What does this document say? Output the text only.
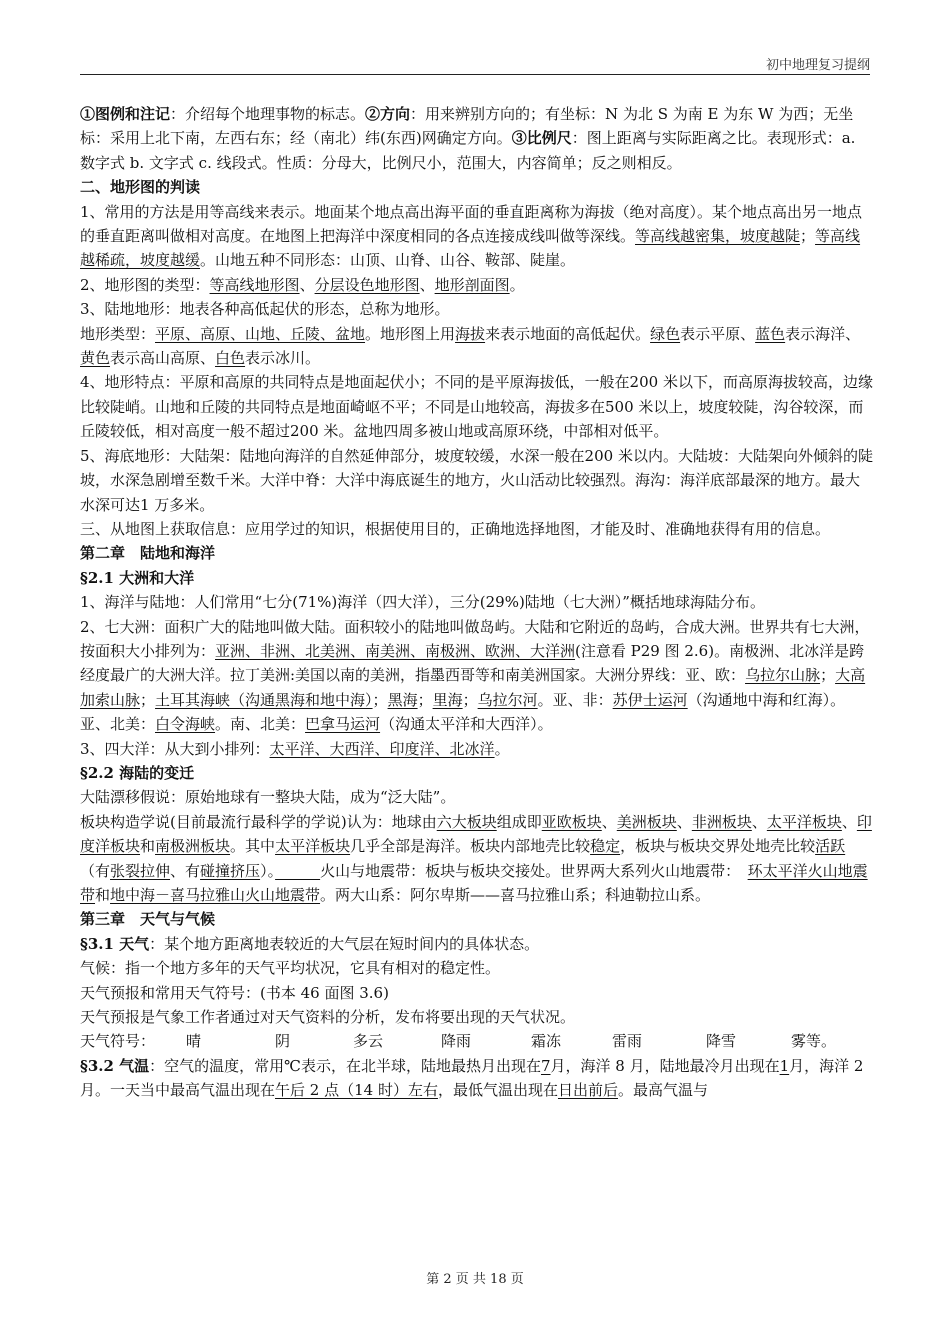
初中地理复习提纲

①图例和注记：介绍每个地理事物的标志。②方向：用来辨别方向的；有坐标：N 为北 S 为南 E 为东 W 为西；无坐标：采用上北下南，左西右东；经（南北）纬(东西)网确定方向。③比例尺：图上距离与实际距离之比。表现形式：a. 数字式 b. 文字式 c. 线段式。性质：分母大，比例尺小，范围大，内容简单；反之则相反。

二、地形图的判读

1、常用的方法是用等高线来表示。地面某个地点高出海平面的垂直距离称为海拔（绝对高度）。某个地点高出另一地点的垂直距离叫做相对高度。在地图上把海洋中深度相同的各点连接成线叫做等深线。等高线越密集，坡度越陡；等高线越稀疏，坡度越缓。山地五种不同形态：山顶、山脊、山谷、鞍部、陡崖。

2、地形图的类型：等高线地形图、分层设色地形图、地形剖面图。

3、陆地地形：地表各种高低起伏的形态，总称为地形。

地形类型：平原、高原、山地、丘陵、盆地。地形图上用海拔来表示地面的高低起伏。绿色表示平原、蓝色表示海洋、黄色表示高山高原、白色表示冰川。

4、地形特点：平原和高原的共同特点是地面起伏小；不同的是平原海拔低，一般在200 米以下，而高原海拔较高，边缘比较陡峭。山地和丘陵的共同特点是地面崎岖不平；不同是山地较高，海拔多在500 米以上，坡度较陡，沟谷较深，而丘陵较低，相对高度一般不超过200 米。盆地四周多被山地或高原环绕，中部相对低平。

5、海底地形：大陆架：陆地向海洋的自然延伸部分，坡度较缓，水深一般在200 米以内。大陆坡：大陆架向外倾斜的陡坡，水深急剧增至数千米。大洋中脊：大洋中海底诞生的地方，火山活动比较强烈。海沟：海洋底部最深的地方。最大水深可达1 万多米。

三、从地图上获取信息：应用学过的知识，根据使用目的，正确地选择地图，才能及时、准确地获得有用的信息。

第二章　陆地和海洋

§2.1 大洲和大洋

1、海洋与陆地：人们常用“七分(71%)海洋（四大洋），三分(29%)陆地（七大洲）”概括地球海陆分布。

2、七大洲：面积广大的陆地叫做大陆。面积较小的陆地叫做岛屿。大陆和它附近的岛屿，合成大洲。世界共有七大洲，按面积大小排列为：亚洲、非洲、北美洲、南美洲、南极洲、欧洲、大洋洲(注意看 P29 图 2.6)。南极洲、北冰洋是跨经度最广的大洲大洋。拉丁美洲:美国以南的美洲，指墨西哥等和南美洲国家。大洲分界线：亚、欧：乌拉尔山脉；大高加索山脉；土耳其海峡（沟通黑海和地中海）；黑海；里海；乌拉尔河。亚、非：苏伊士运河（沟通地中海和红海）。亚、北美：白令海峡。南、北美：巴拿马运河（沟通太平洋和大西洋）。

3、四大洋：从大到小排列：太平洋、大西洋、印度洋、北冰洋。

§2.2 海陆的变迁

大陆漂移假说：原始地球有一整块大陆，成为“泛大陆”。

板块构造学说(目前最流行最科学的学说)认为：地球由六大板块组成即亚欧板块、美洲板块、非洲板块、太平洋板块、印度洋板块和南极洲板块。其中太平洋板块几乎全部是海洋。板块内部地壳比较稳定，板块与板块交界处地壳比较活跃（有张裂拉伸、有碰撞挤压）。　　　	火山与地震带：板块与板块交接处。世界两大系列火山地震带：　环太平洋火山地震带和地中海－喜马拉雅山火山地震带。两大山系：阿尔卑斯——喜马拉雅山系；科迪勒拉山系。

第三章　天气与气候

§3.1 天气：某个地方距离地表较近的大气层在短时间内的具体状态。

气候：指一个地方多年的天气平均状况，它具有相对的稳定性。

天气预报和常用天气符号：(书本 46 面图 3.6)

天气预报是气象工作者通过对天气资料的分析，发布将要出现的天气状况。

天气符号：	晴	阴	多云	降雨	霜冻	雷雨	降雪	雾等。

§3.2 气温：空气的温度，常用℃表示，在北半球，陆地最热月出现在7月，海洋 8 月，陆地最冷月出现在1月，海洋 2 月。一天当中最高气温出现在午后 2 点（14 时）左右，最低气温出现在日出前后。最高气温与

第 2 页 共 18 页
